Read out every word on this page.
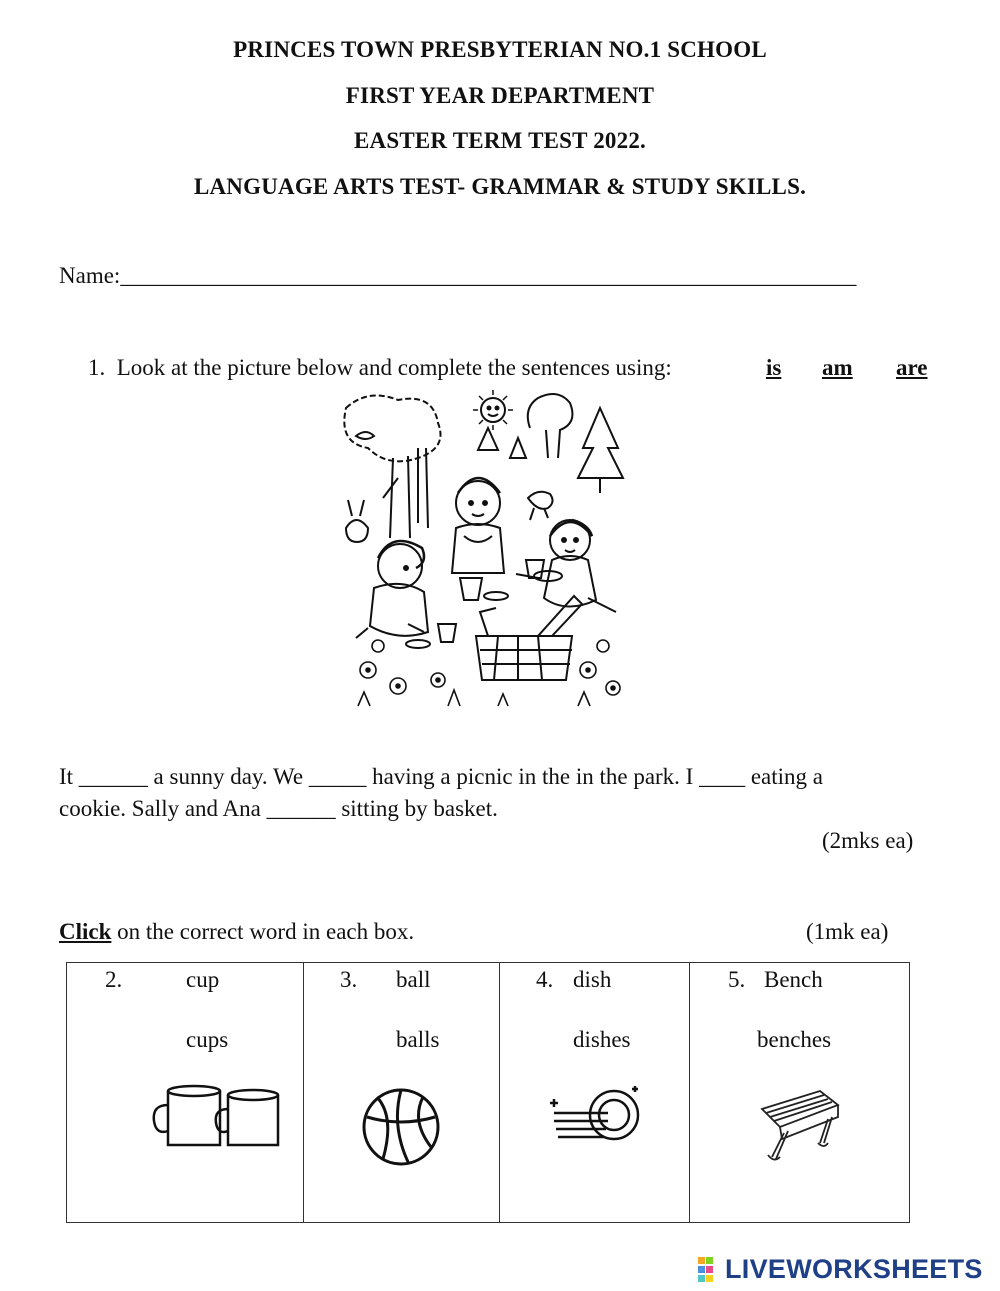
PRINCES TOWN PRESBYTERIAN NO.1 SCHOOL
FIRST YEAR DEPARTMENT
EASTER TERM TEST 2022.
LANGUAGE ARTS TEST- GRAMMAR & STUDY SKILLS.
Name:________________________________________________________________
1. Look at the picture below and complete the sentences using:	is am are
It ______ a sunny day. We _____ having a picnic in the in the park. I ____ eating a
cookie. Sally and Ana ______ sitting by basket.
(2mks ea)
Click on the correct word in each box.	(1mk ea)
2.	cup
cups

3. ball
balls

4. dish
dishes

5. Bench
benches
LIVEWORKSHEETS
